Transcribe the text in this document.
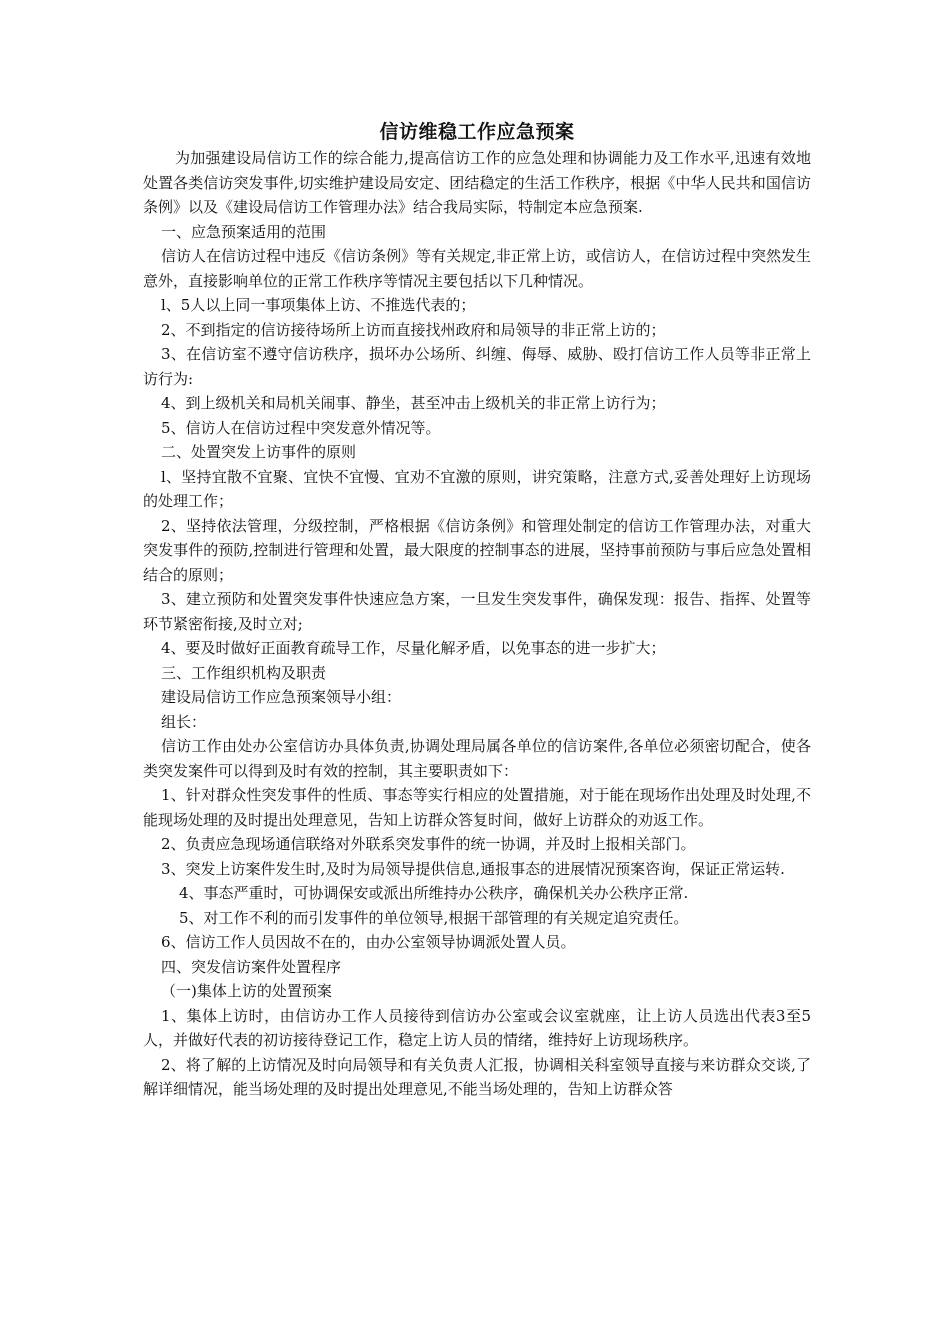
信访维稳工作应急预案

为加强建设局信访工作的综合能力,提高信访工作的应急处理和协调能力及工作水平,迅速有效地处置各类信访突发事件,切实维护建设局安定、团结稳定的生活工作秩序，根据《中华人民共和国信访条例》以及《建设局信访工作管理办法》结合我局实际，特制定本应急预案.

一、应急预案适用的范围

信访人在信访过程中违反《信访条例》等有关规定,非正常上访，或信访人，在信访过程中突然发生意外，直接影响单位的正常工作秩序等情况主要包括以下几种情况。

l、5人以上同一事项集体上访、不推选代表的；

2、不到指定的信访接待场所上访而直接找州政府和局领导的非正常上访的；

3、在信访室不遵守信访秩序，损坏办公场所、纠缠、侮辱、威胁、殴打信访工作人员等非正常上访行为:

4、到上级机关和局机关闹事、静坐，甚至冲击上级机关的非正常上访行为；

5、信访人在信访过程中突发意外情况等。

二、处置突发上访事件的原则

l、坚持宜散不宜聚、宜快不宜慢、宜劝不宜激的原则，讲究策略，注意方式,妥善处理好上访现场的处理工作；

2、坚持依法管理，分级控制，严格根据《信访条例》和管理处制定的信访工作管理办法，对重大突发事件的预防,控制进行管理和处置，最大限度的控制事态的进展，坚持事前预防与事后应急处置相结合的原则；

3、建立预防和处置突发事件快速应急方案，一旦发生突发事件，确保发现：报告、指挥、处置等环节紧密衔接,及时立对;

4、要及时做好正面教育疏导工作，尽量化解矛盾，以免事态的进一步扩大；

三、工作组织机构及职责

建设局信访工作应急预案领导小组：

组长：

信访工作由处办公室信访办具体负责,协调处理局属各单位的信访案件,各单位必须密切配合，使各类突发案件可以得到及时有效的控制，其主要职责如下：

1、针对群众性突发事件的性质、事态等实行相应的处置措施，对于能在现场作出处理及时处理,不能现场处理的及时提出处理意见，告知上访群众答复时间，做好上访群众的劝返工作。

2、负责应急现场通信联络对外联系突发事件的统一协调，并及时上报相关部门。

3、突发上访案件发生时,及时为局领导提供信息,通报事态的进展情况预案咨询，保证正常运转.

4、事态严重时，可协调保安或派出所维持办公秩序，确保机关办公秩序正常.

5、对工作不利的而引发事件的单位领导,根据干部管理的有关规定追究责任。

6、信访工作人员因故不在的，由办公室领导协调派处置人员。

四、突发信访案件处置程序

（一)集体上访的处置预案

1、集体上访时，由信访办工作人员接待到信访办公室或会议室就座，让上访人员选出代表3至5人，并做好代表的初访接待登记工作，稳定上访人员的情绪，维持好上访现场秩序。

2、将了解的上访情况及时向局领导和有关负责人汇报，协调相关科室领导直接与来访群众交谈,了解详细情况，能当场处理的及时提出处理意见,不能当场处理的，告知上访群众答
